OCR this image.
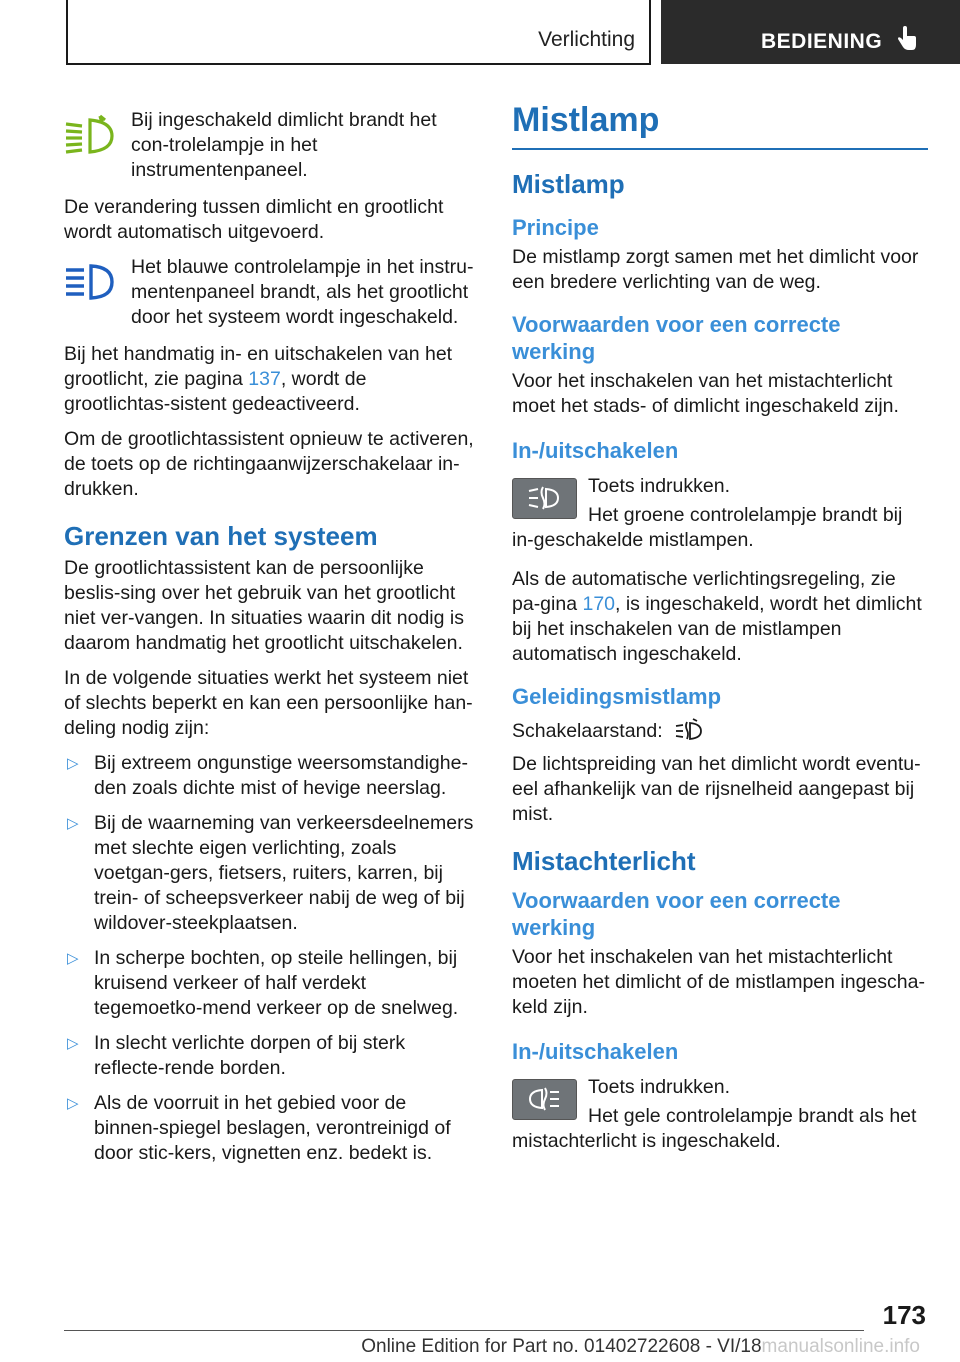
Verlichting	BEDIENING

Bij ingeschakeld dimlicht brandt het con‐trolelampje in het instrumentenpaneel.

De verandering tussen dimlicht en grootlicht wordt automatisch uitgevoerd.

Het blauwe controlelampje in het instru‐mentenpaneel brandt, als het grootlicht door het systeem wordt ingeschakeld.

Bij het handmatig in- en uitschakelen van het grootlicht, zie pagina 137, wordt de grootlichtas‐sistent gedeactiveerd.

Om de grootlichtassistent opnieuw te activeren, de toets op de richtingaanwijzerschakelaar in‐drukken.

Grenzen van het systeem

De grootlichtassistent kan de persoonlijke beslis‐sing over het gebruik van het grootlicht niet ver‐vangen. In situaties waarin dit nodig is daarom handmatig het grootlicht uitschakelen.

In de volgende situaties werkt het systeem niet of slechts beperkt en kan een persoonlijke han‐deling nodig zijn:

▷ Bij extreem ongunstige weersomstandighe‐den zoals dichte mist of hevige neerslag.
▷ Bij de waarneming van verkeersdeelnemers met slechte eigen verlichting, zoals voetgan‐gers, fietsers, ruiters, karren, bij trein- of scheepsverkeer nabij de weg of bij wildover‐steekplaatsen.
▷ In scherpe bochten, op steile hellingen, bij kruisend verkeer of half verdekt tegemoetko‐mend verkeer op de snelweg.
▷ In slecht verlichte dorpen of bij sterk reflecte‐rende borden.
▷ Als de voorruit in het gebied voor de binnen‐spiegel beslagen, verontreinigd of door stic‐kers, vignetten enz. bedekt is.
Mistlamp
Mistlamp
Principe

De mistlamp zorgt samen met het dimlicht voor een bredere verlichting van de weg.

Voorwaarden voor een correcte werking

Voor het inschakelen van het mistachterlicht moet het stads- of dimlicht ingeschakeld zijn.

In-/uitschakelen

Toets indrukken.

Het groene controlelampje brandt bij in‐geschakelde mistlampen.

Als de automatische verlichtingsregeling, zie pa‐gina 170, is ingeschakeld, wordt het dimlicht bij het inschakelen van de mistlampen automatisch ingeschakeld.

Geleidingsmistlamp

Schakelaarstand:

De lichtspreiding van het dimlicht wordt eventu‐eel afhankelijk van de rijsnelheid aangepast bij mist.

Mistachterlicht
Voorwaarden voor een correcte werking

Voor het inschakelen van het mistachterlicht moeten het dimlicht of de mistlampen ingescha‐keld zijn.

In-/uitschakelen

Toets indrukken.

Het gele controlelampje brandt als het mistachterlicht is ingeschakeld.

173
Online Edition for Part no. 01402722608 - VI/18manualsonline.info
